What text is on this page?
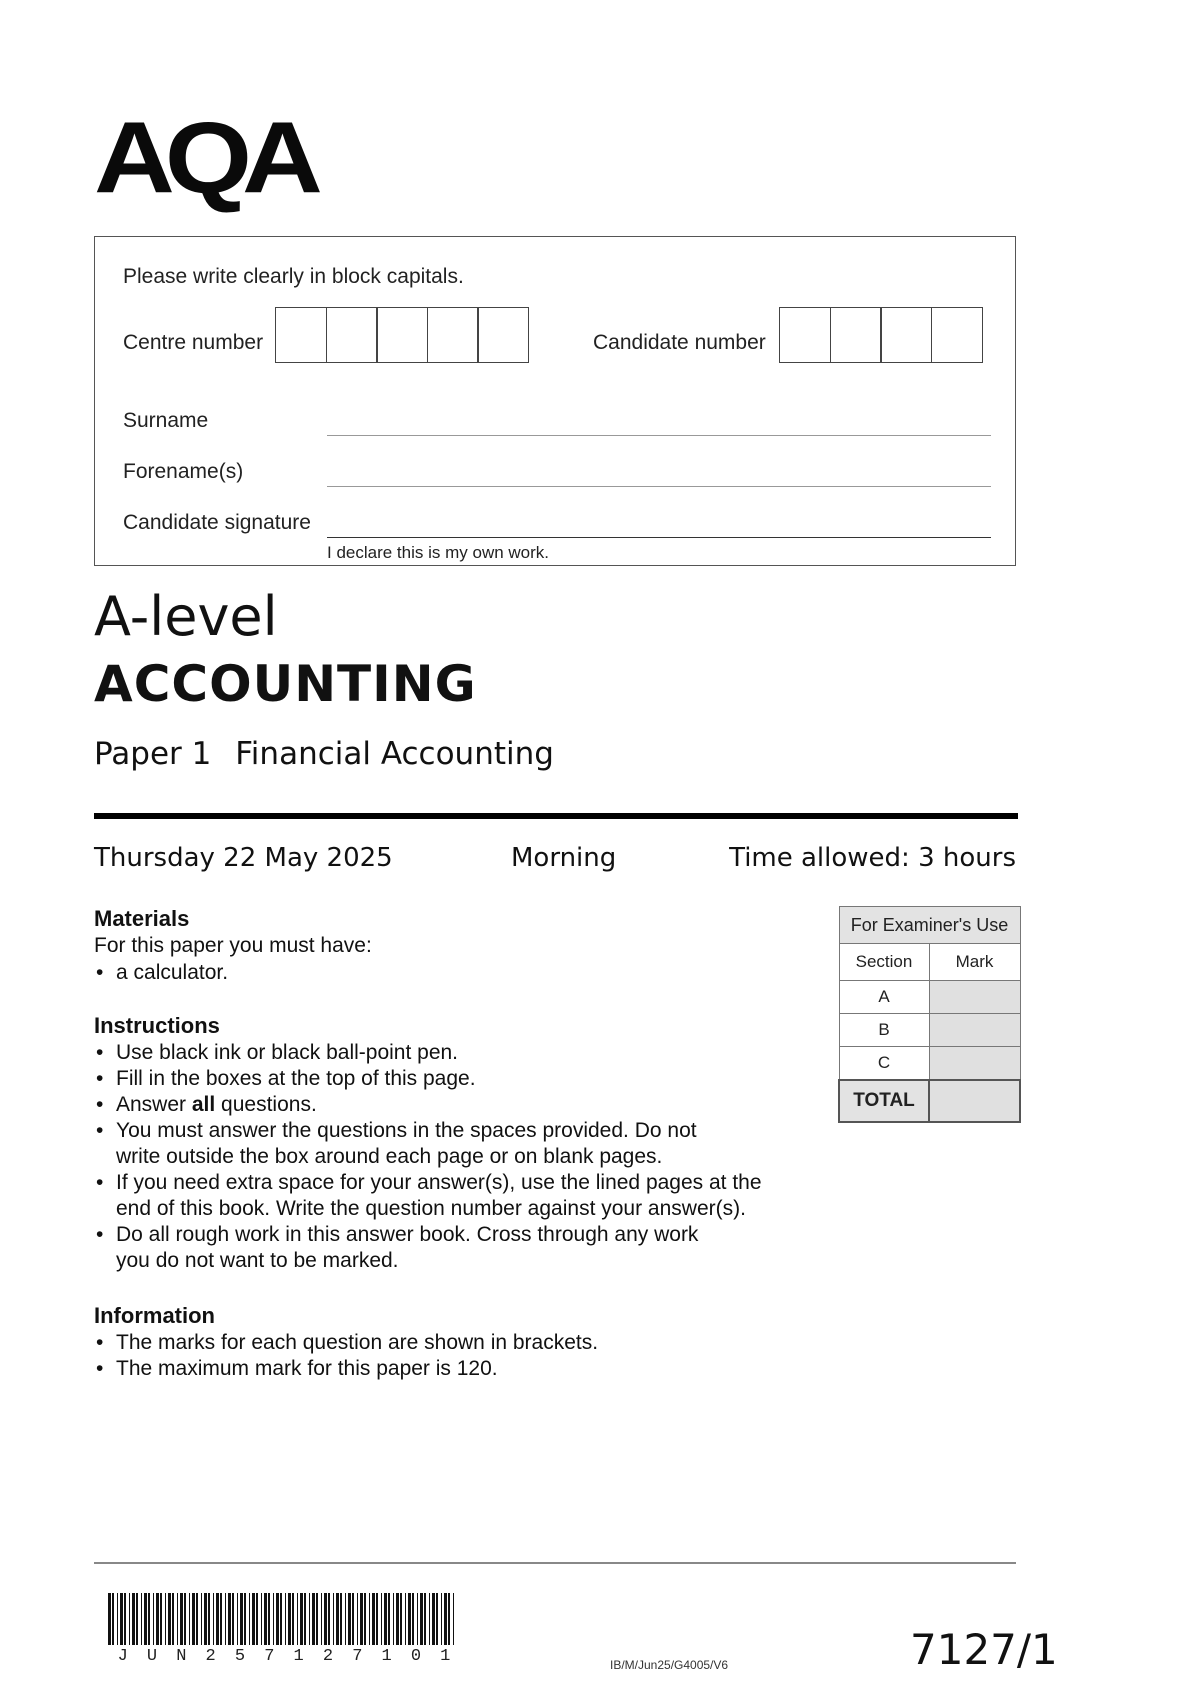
AQA
Please write clearly in block capitals.
Centre number	Candidate number
Surname
Forename(s)
Candidate signature
I declare this is my own work.
A-level
ACCOUNTING
Paper 1 Financial Accounting
Thursday 22 May 2025	Morning	Time allowed: 3 hours
Materials
For this paper you must have:
• a calculator.
Instructions
• Use black ink or black ball-point pen.
• Fill in the boxes at the top of this page.
• Answer all questions.
• You must answer the questions in the spaces provided. Do not write outside the box around each page or on blank pages.
• If you need extra space for your answer(s), use the lined pages at the end of this book. Write the question number against your answer(s).
• Do all rough work in this answer book. Cross through any work you do not want to be marked.
Information
• The marks for each question are shown in brackets.
• The maximum mark for this paper is 120.
For Examiner's Use	
Section	Mark
A	
B	
C	
TOTAL	
J U N 2 5 7 1 2 7 1 0 1	IB/M/Jun25/G4005/V6	7127/1
